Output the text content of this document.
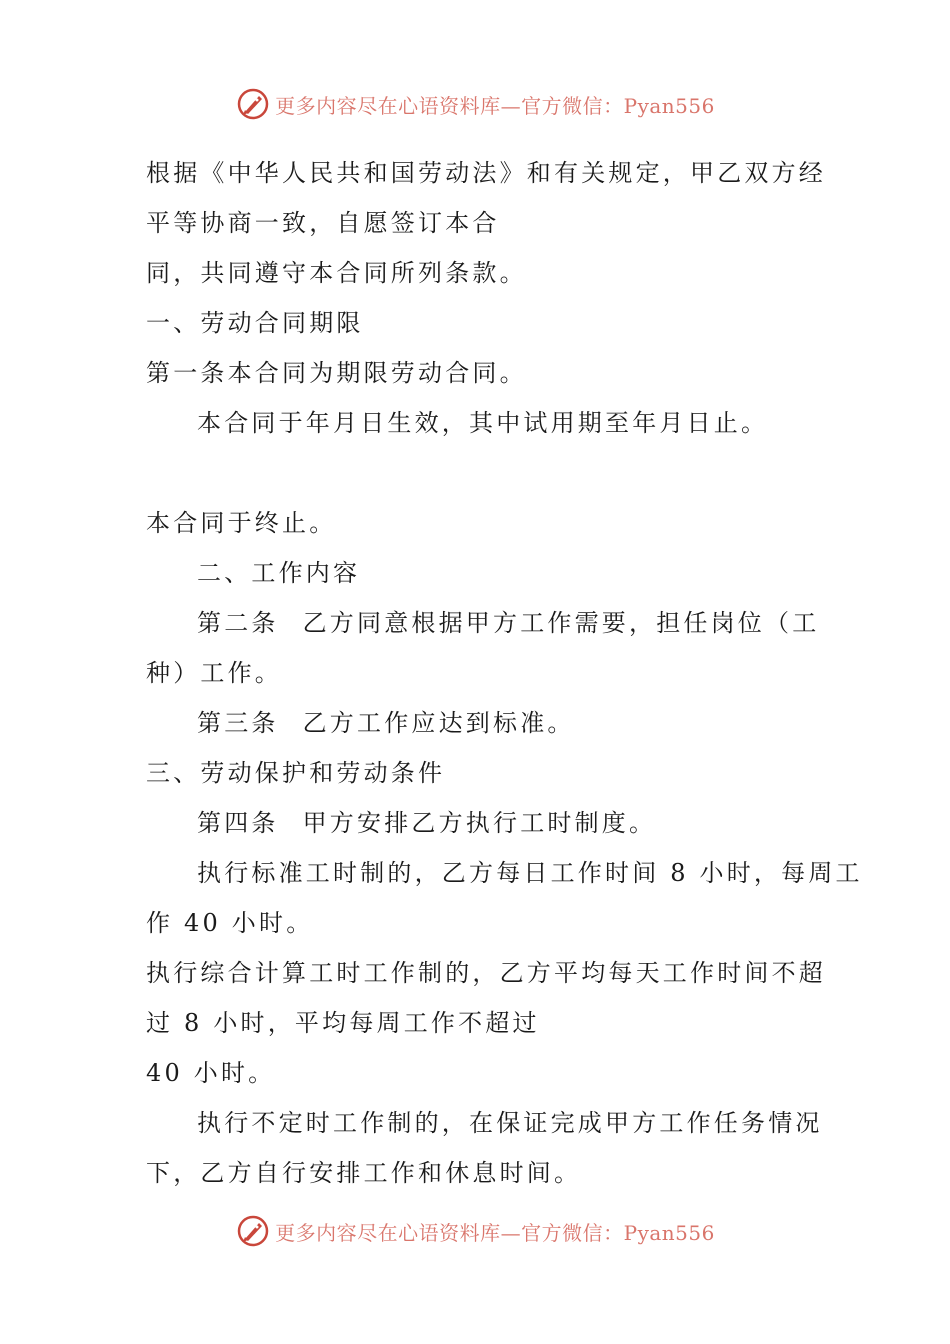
更多内容尽在心语资料库—官方微信：Pyan556
根据《中华人民共和国劳动法》和有关规定，甲乙双方经
平等协商一致，自愿签订本合
同，共同遵守本合同所列条款。
一、劳动合同期限
第一条本合同为期限劳动合同。
本合同于年月日生效，其中试用期至年月日止。
本合同于终止。
二、工作内容
第二条 乙方同意根据甲方工作需要，担任岗位（工
种）工作。
第三条 乙方工作应达到标准。
三、劳动保护和劳动条件
第四条 甲方安排乙方执行工时制度。
执行标准工时制的，乙方每日工作时间 8 小时，每周工
作 40 小时。
执行综合计算工时工作制的，乙方平均每天工作时间不超
过 8 小时，平均每周工作不超过
40 小时。
执行不定时工作制的，在保证完成甲方工作任务情况
下，乙方自行安排工作和休息时间。
更多内容尽在心语资料库—官方微信：Pyan556
